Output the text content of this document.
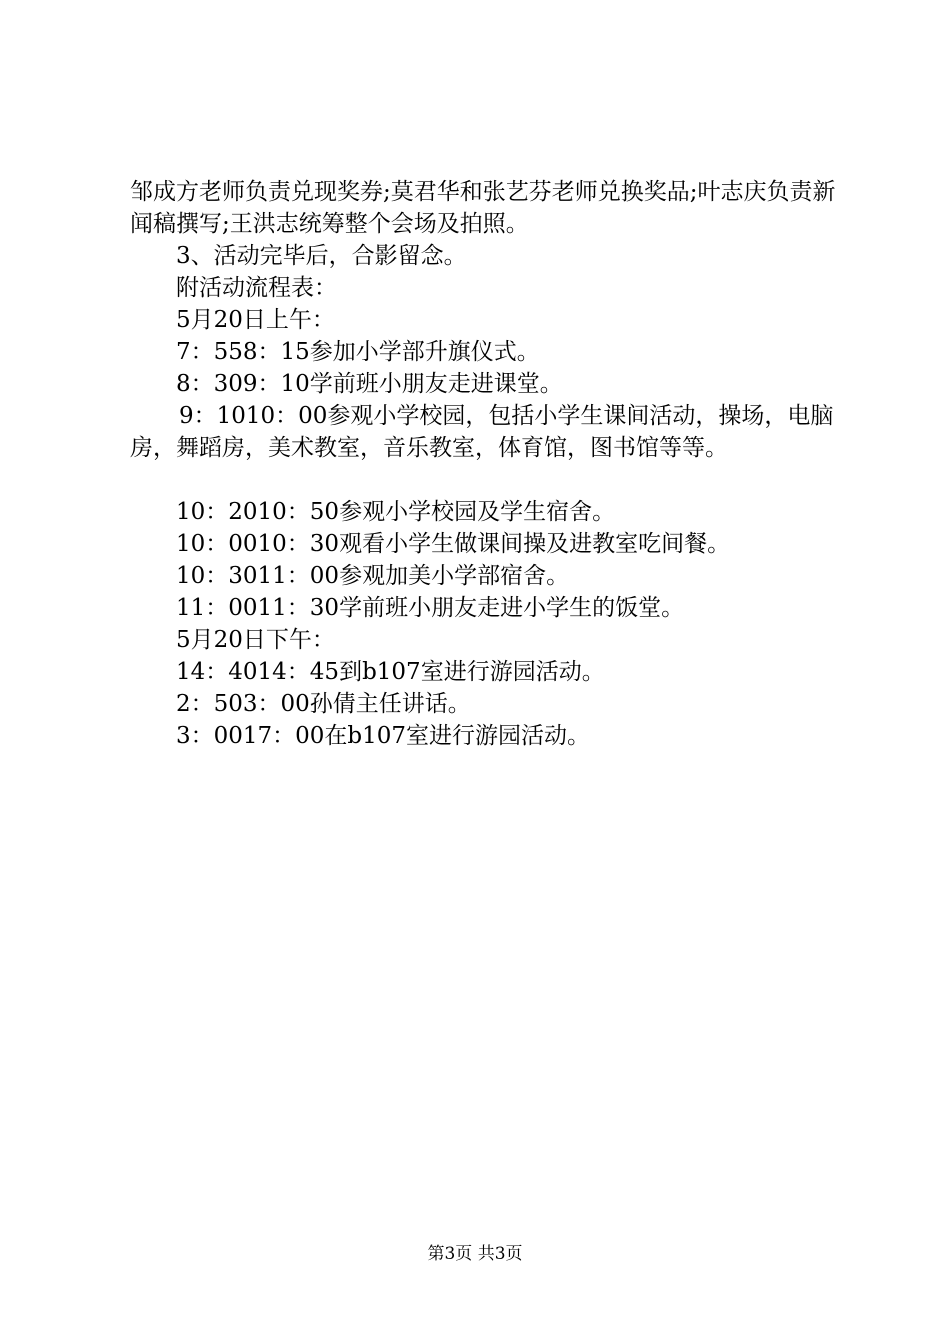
邹成方老师负责兑现奖券;莫君华和张艺芬老师兑换奖品;叶志庆负责新闻稿撰写;王洪志统筹整个会场及拍照。

3、活动完毕后，合影留念。

附活动流程表：

5月20日上午：

7：558：15参加小学部升旗仪式。

8：309：10学前班小朋友走进课堂。

9：1010：00参观小学校园，包括小学生课间活动，操场，电脑房，舞蹈房，美术教室，音乐教室，体育馆，图书馆等等。

10：2010：50参观小学校园及学生宿舍。

10：0010：30观看小学生做课间操及进教室吃间餐。

10：3011：00参观加美小学部宿舍。

11：0011：30学前班小朋友走进小学生的饭堂。

5月20日下午：

14：4014：45到b107室进行游园活动。

2：503：00孙倩主任讲话。

3：0017：00在b107室进行游园活动。

第3页 共3页
